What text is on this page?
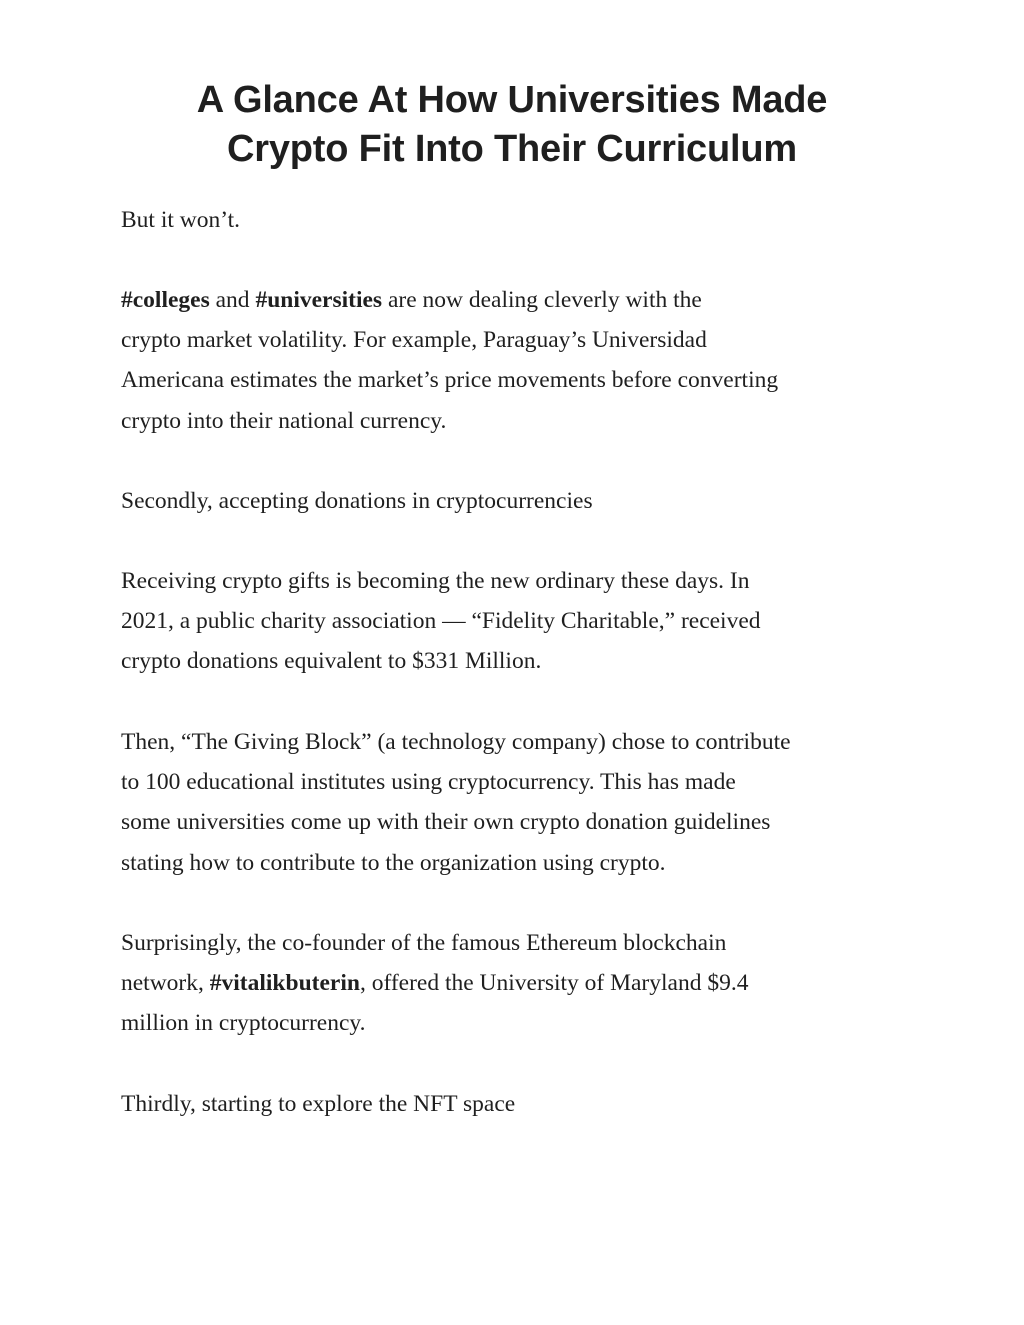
A Glance At How Universities Made
Crypto Fit Into Their Curriculum

But it won’t.

#colleges and #universities are now dealing cleverly with the
crypto market volatility. For example, Paraguay’s Universidad
Americana estimates the market’s price movements before converting
crypto into their national currency.

Secondly, accepting donations in cryptocurrencies

Receiving crypto gifts is becoming the new ordinary these days. In
2021, a public charity association — “Fidelity Charitable,” received
crypto donations equivalent to $331 Million.

Then, “The Giving Block” (a technology company) chose to contribute
to 100 educational institutes using cryptocurrency. This has made
some universities come up with their own crypto donation guidelines
stating how to contribute to the organization using crypto.

Surprisingly, the co-founder of the famous Ethereum blockchain
network, #vitalikbuterin, offered the University of Maryland $9.4
million in cryptocurrency.

Thirdly, starting to explore the NFT space
